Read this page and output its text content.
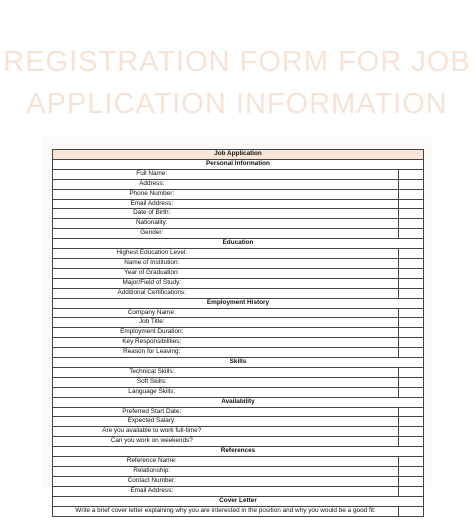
REGISTRATION FORM FOR JOB
APPLICATION INFORMATION
Job Application		
Personal Information		
Full Name:		
Address:		
Phone Number:		
Email Address:		
Date of Birth:		
Nationality:		
Gender:		
Education		
Highest Education Level:		
Name of Institution:		
Year of Graduation:		
Major/Field of Study:		
Additional Certifications:		
Employment History		
Company Name:		
Job Title:		
Employment Duration:		
Key Responsibilities:		
Reason for Leaving:		
Skills		
Technical Skills:		
Soft Skills:		
Language Skills:		
Availability		
Preferred Start Date:		
Expected Salary:		
Are you available to work full-time?		
Can you work on weekends?		
References		
Reference Name:		
Relationship:		
Contact Number:		
Email Address:		
Cover Letter		
Write a brief cover letter explaining why you are interested in the position and why you would be a good fit:		
